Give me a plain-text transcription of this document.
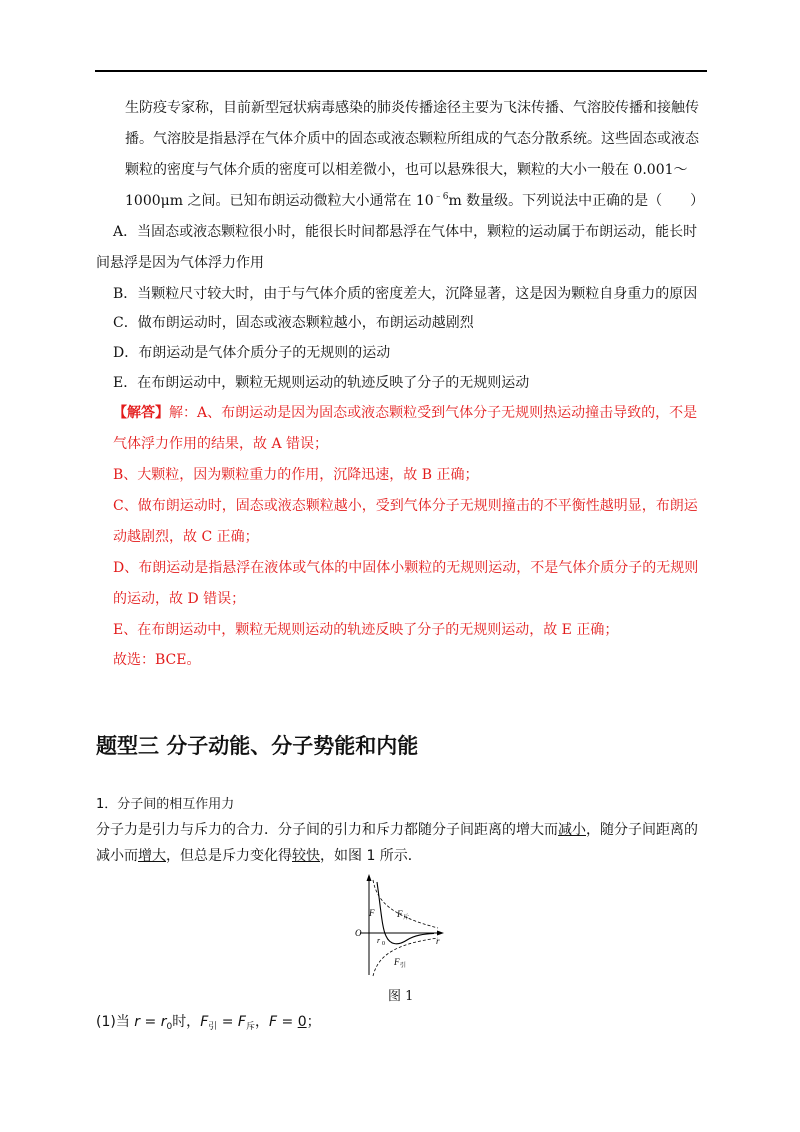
生防疫专家称，目前新型冠状病毒感染的肺炎传播途径主要为飞沫传播、气溶胶传播和接触传
播。气溶胶是指悬浮在气体介质中的固态或液态颗粒所组成的气态分散系统。这些固态或液态
颗粒的密度与气体介质的密度可以相差微小，也可以悬殊很大，颗粒的大小一般在 0.001～
1000μm 之间。已知布朗运动微粒大小通常在 $10^{﹣6}m$ 数量级。下列说法中正确的是（　　）
A．当固态或液态颗粒很小时，能很长时间都悬浮在气体中，颗粒的运动属于布朗运动，能长时
间悬浮是因为气体浮力作用
B．当颗粒尺寸较大时，由于与气体介质的密度差大，沉降显著，这是因为颗粒自身重力的原因
C．做布朗运动时，固态或液态颗粒越小，布朗运动越剧烈
D．布朗运动是气体介质分子的无规则的运动
E．在布朗运动中，颗粒无规则运动的轨迹反映了分子的无规则运动
【解答】解：A、布朗运动是因为固态或液态颗粒受到气体分子无规则热运动撞击导致的，不是
气体浮力作用的结果，故 A 错误；
B、大颗粒，因为颗粒重力的作用，沉降迅速，故 B 正确；
C、做布朗运动时，固态或液态颗粒越小，受到气体分子无规则撞击的不平衡性越明显，布朗运
动越剧烈，故 C 正确；
D、布朗运动是指悬浮在液体或气体的中固体小颗粒的无规则运动，不是气体介质分子的无规则
的运动，故 D 错误；
E、在布朗运动中，颗粒无规则运动的轨迹反映了分子的无规则运动，故 E 正确；
故选：BCE。
题型三 分子动能、分子势能和内能
1．分子间的相互作用力
分子力是引力与斥力的合力．分子间的引力和斥力都随分子间距离的增大而减小，随分子间距离的
减小而增大，但总是斥力变化得较快，如图 1 所示．
F
O
r
r 0
F 斥
F 引
图 1
(1)当 $r = r_0$时，$F_引 = F_斥$，F = 0；
